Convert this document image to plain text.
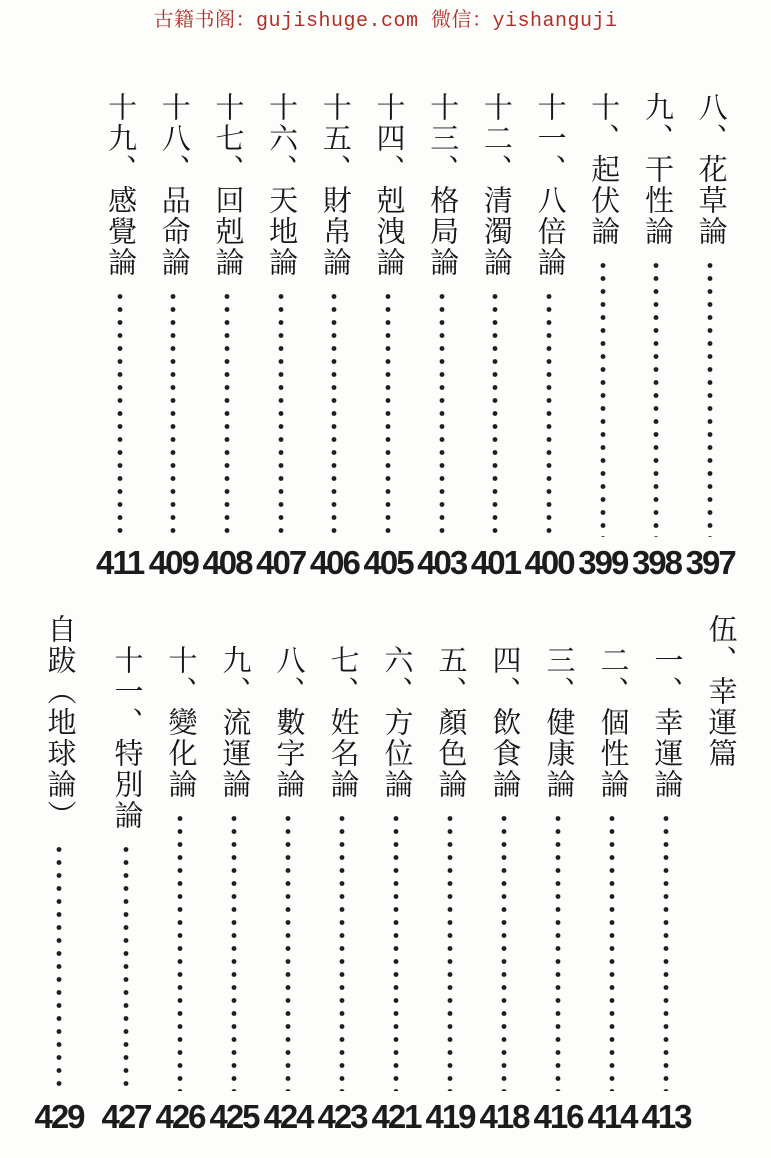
古籍书阁：gujishuge.com 微信：yishanguji
八、花草論
397
九、干性論
398
十、起伏論
399
十一、八倍論
400
十二、清濁論
401
十三、格局論
403
十四、剋洩論
405
十五、財帛論
406
十六、天地論
407
十七、回剋論
408
十八、品命論
409
十九、感覺論
411
伍、幸運篇
一、幸運論
413
二、個性論
414
三、健康論
416
四、飲食論
418
五、顏色論
419
六、方位論
421
七、姓名論
423
八、數字論
424
九、流運論
425
十、變化論
426
十一、特別論
427
自跋（地球論）
429
